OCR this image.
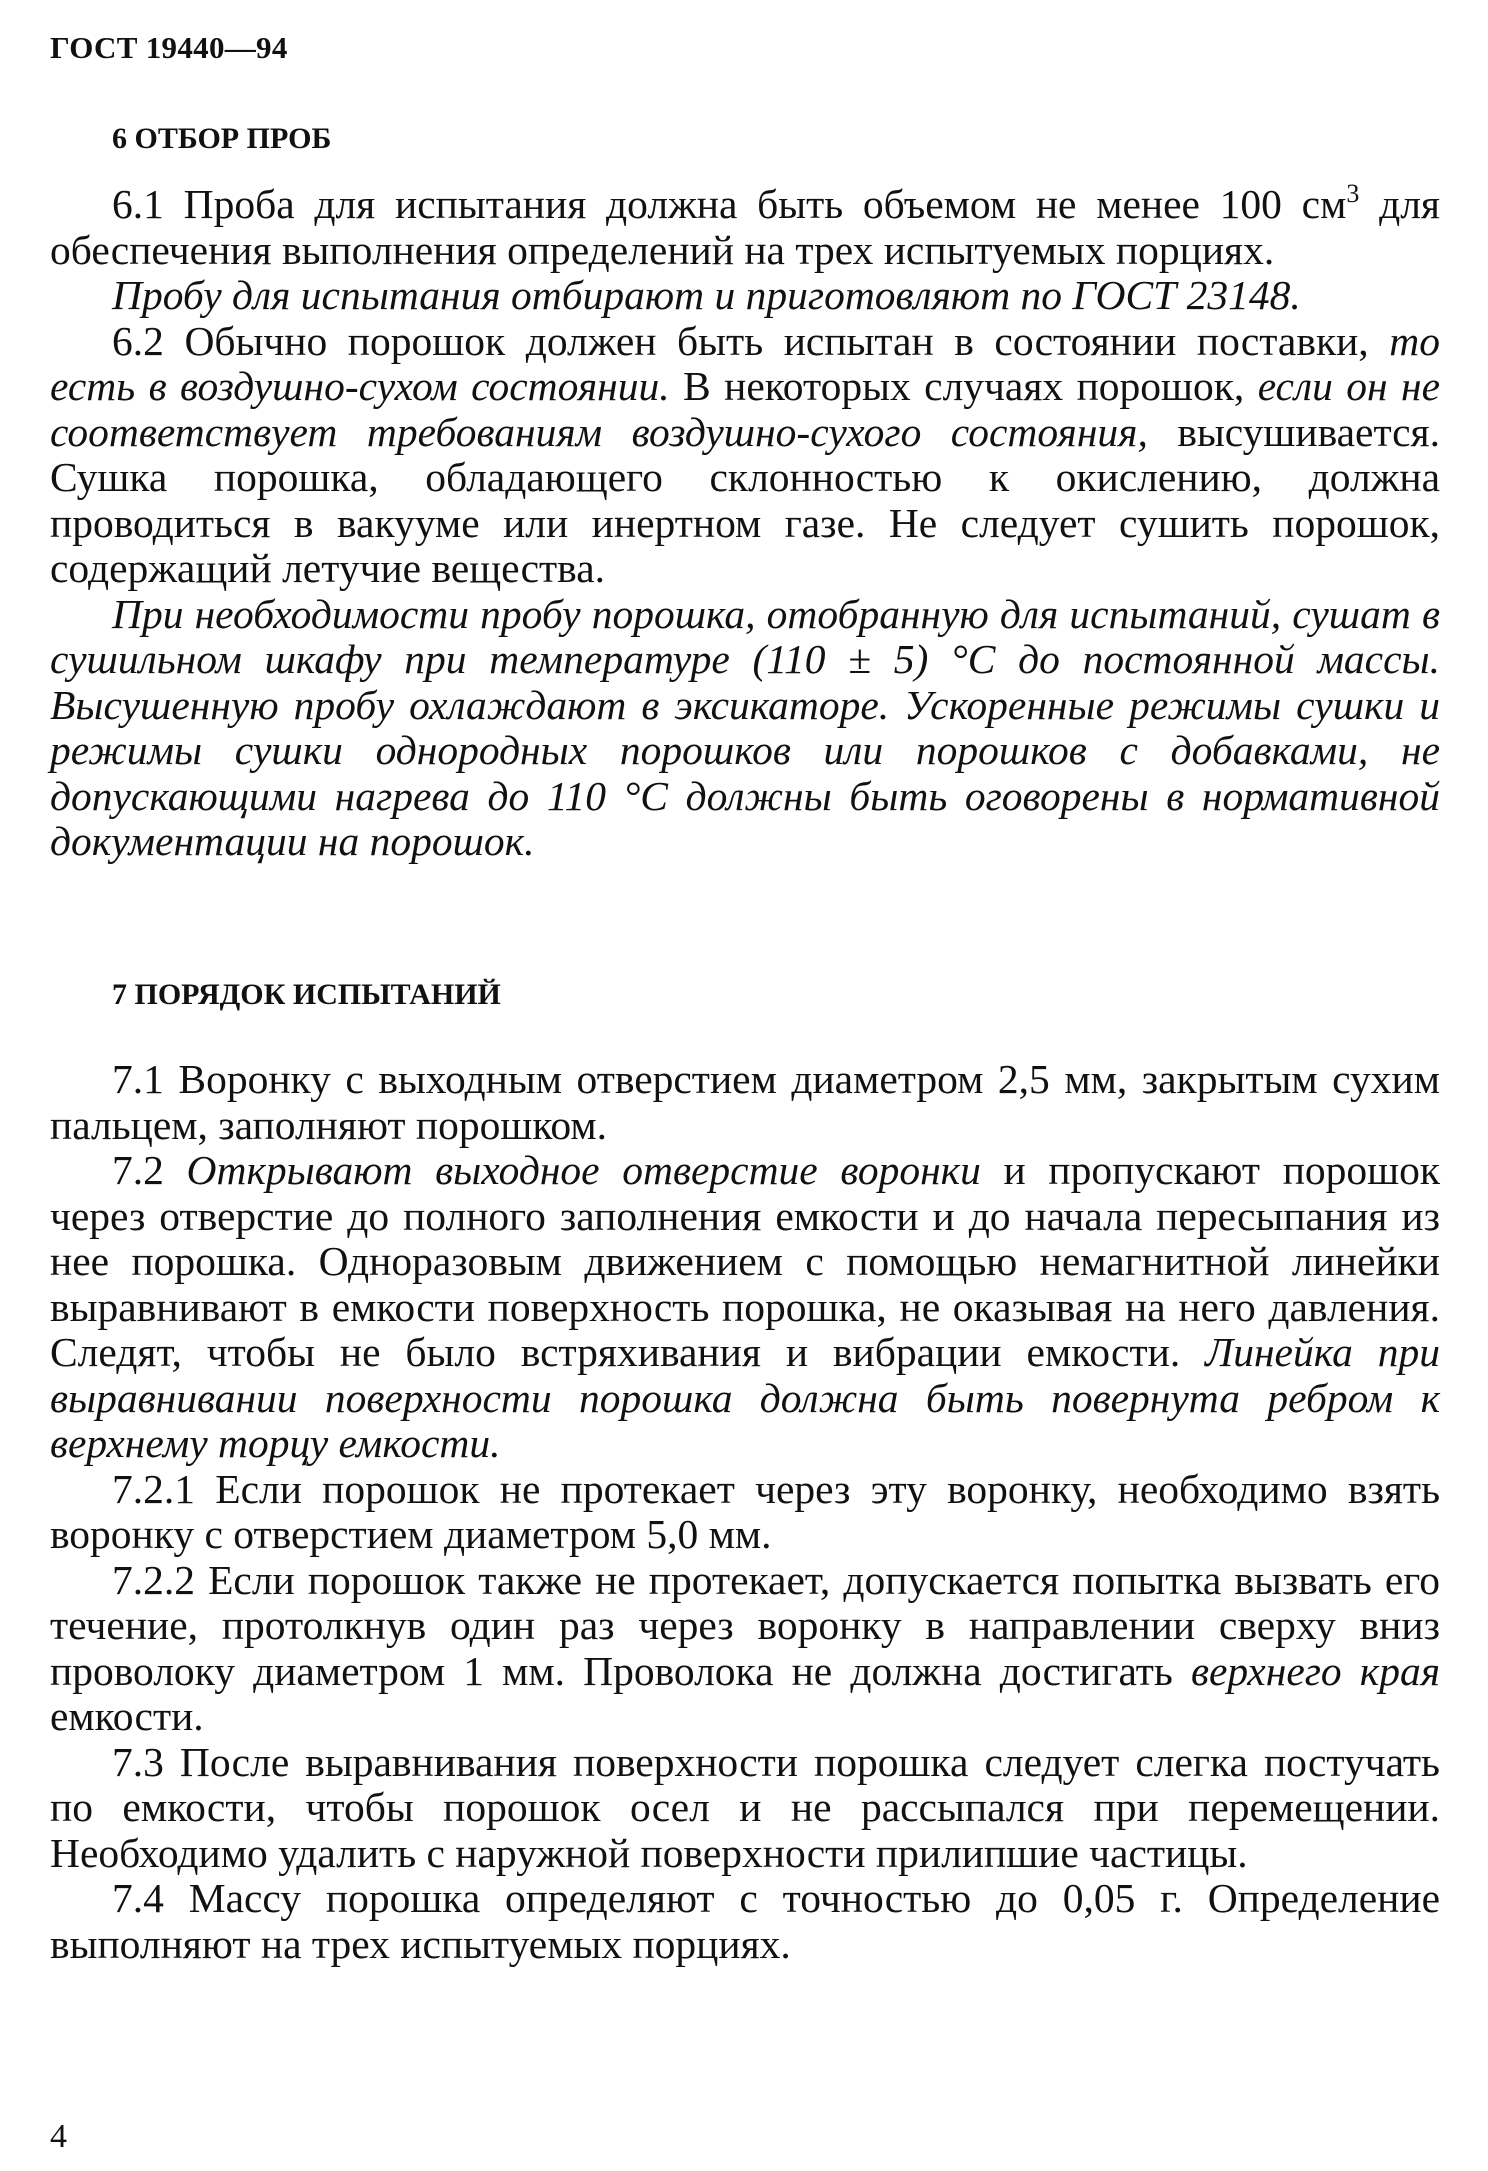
ГОСТ 19440—94
6 ОТБОР ПРОБ

6.1 Проба для испытания должна быть объемом не менее 100 $см^3$ для обеспечения выполнения определений на трех испытуемых порциях.

Пробу для испытания отбирают и приготовляют по ГОСТ 23148.

6.2 Обычно порошок должен быть испытан в состоянии поставки, то есть в воздушно-сухом состоянии. В некоторых случаях порошок, если он не соответствует требованиям воздушно-сухого состояния, высушивается. Сушка порошка, обладающего склонностью к окислению, должна проводиться в вакууме или инертном газе. Не следует сушить порошок, содержащий летучие вещества.

При необходимости пробу порошка, отобранную для испытаний, сушат в сушильном шкафу при температуре (110 ± 5) °С до постоянной массы. Высушенную пробу охлаждают в эксикаторе. Ускоренные режимы сушки и режимы сушки однородных порошков или порошков с добавками, не допускающими нагрева до 110 °С должны быть оговорены в нормативной документации на порошок.

7 ПОРЯДОК ИСПЫТАНИЙ

7.1 Воронку с выходным отверстием диаметром 2,5 мм, закрытым сухим пальцем, заполняют порошком.

7.2 Открывают выходное отверстие воронки и пропускают порошок через отверстие до полного заполнения емкости и до начала пересыпания из нее порошка. Одноразовым движением с помощью немагнитной линейки выравнивают в емкости поверхность порошка, не оказывая на него давления. Следят, чтобы не было встряхивания и вибрации емкости. Линейка при выравнивании поверхности порошка должна быть повернута ребром к верхнему торцу емкости.

7.2.1 Если порошок не протекает через эту воронку, необходимо взять воронку с отверстием диаметром 5,0 мм.

7.2.2 Если порошок также не протекает, допускается попытка вызвать его течение, протолкнув один раз через воронку в направлении сверху вниз проволоку диаметром 1 мм. Проволока не должна достигать верхнего края емкости.

7.3 После выравнивания поверхности порошка следует слегка постучать по емкости, чтобы порошок осел и не рассыпался при перемещении. Необходимо удалить с наружной поверхности прилипшие частицы.

7.4 Массу порошка определяют с точностью до 0,05 г. Определение выполняют на трех испытуемых порциях.

4
